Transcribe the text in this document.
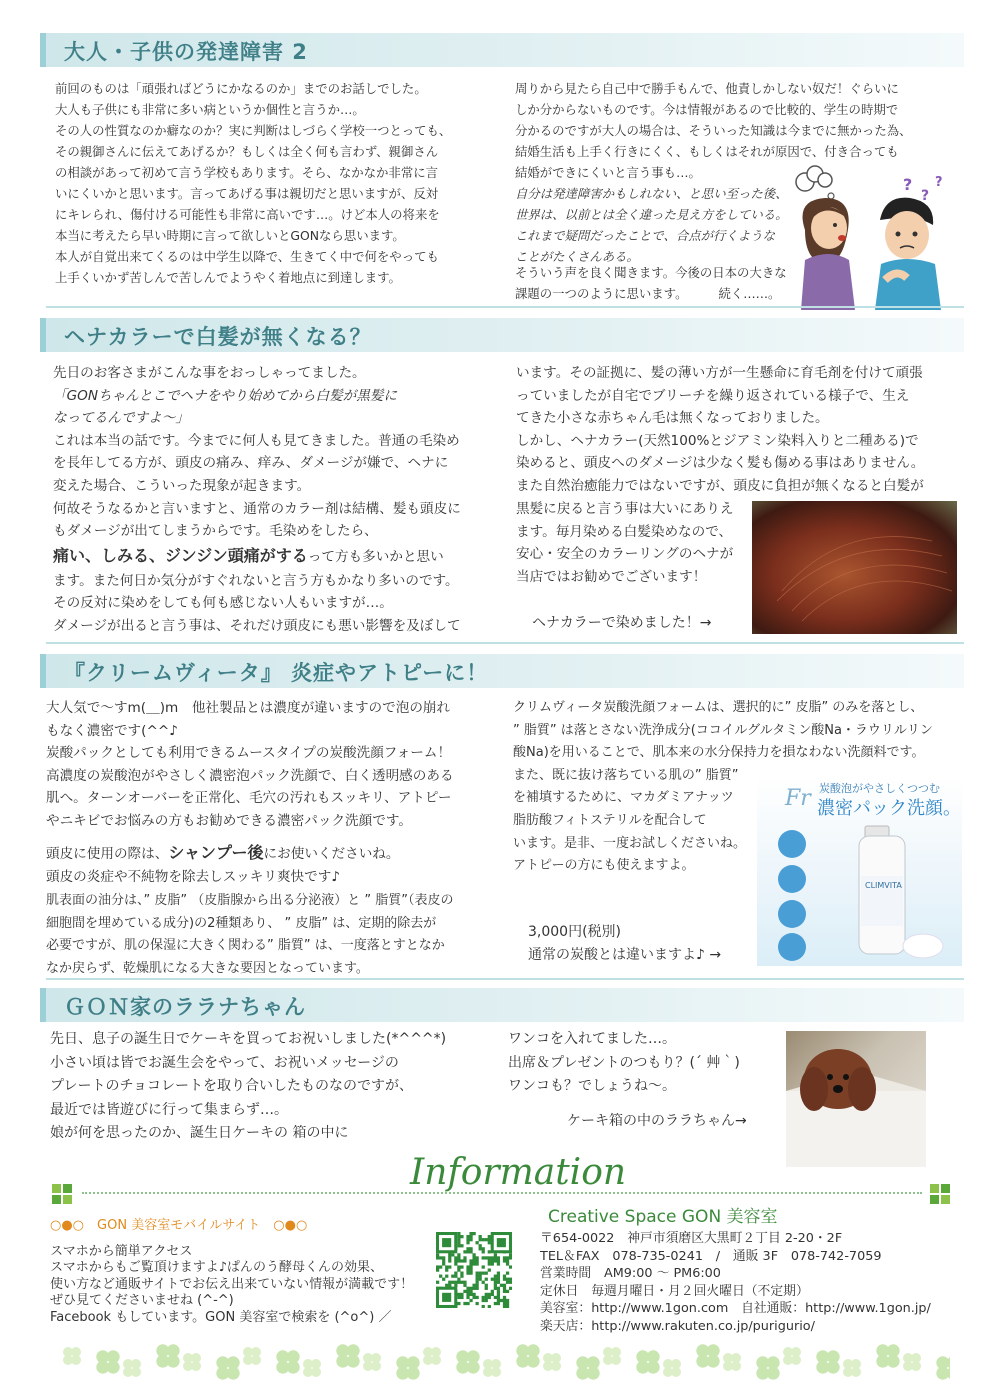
大人・子供の発達障害 2

前回のものは「頑張ればどうにかなるのか」までのお話しでした。

大人も子供にも非常に多い病というか個性と言うか…。

その人の性質なのか癖なのか？実に判断はしづらく学校一つとっても、

その親御さんに伝えてあげるか？もしくは全く何も言わず、親御さん

の相談があって初めて言う学校もあります。そら、なかなか非常に言

いにくいかと思います。言ってあげる事は親切だと思いますが、反対

にキレられ、傷付ける可能性も非常に高いです…。けど本人の将来を

本当に考えたら早い時期に言って欲しいとGONなら思います。

本人が自覚出来てくるのは中学生以降で、生きてく中で何をやっても

上手くいかず苦しんで苦しんでようやく着地点に到達します。

周りから見たら自己中で勝手もんで、他責しかしない奴だ！ぐらいに

しか分からないものです。今は情報があるので比較的、学生の時期で

分かるのですが大人の場合は、そういった知識は今までに無かった為、

結婚生活も上手く行きにくく、もしくはそれが原因で、付き合っても

結婚ができにくいと言う事も…。

自分は発達障害かもしれない、と思い至った後、

世界は、以前とは全く違った見え方をしている。

これまで疑問だったことで、合点が行くような

ことがたくさんある。

そういう声を良く聞きます。今後の日本の大きな

課題の一つのように思います。　　　続く……。

?
?
?
ヘナカラーで白髪が無くなる？

先日のお客さまがこんな事をおっしゃってました。

「GONちゃんとこでヘナをやり始めてから白髪が黒髪に

なってるんですよ〜」

これは本当の話です。今までに何人も見てきました。普通の毛染め

を長年してる方が、頭皮の痛み、痒み、ダメージが嫌で、ヘナに

変えた場合、こういった現象が起きます。

何故そうなるかと言いますと、通常のカラー剤は結構、髪も頭皮に

もダメージが出てしまうからです。毛染めをしたら、

痛い、しみる、ジンジン頭痛がするって方も多いかと思い

ます。また何日か気分がすぐれないと言う方もかなり多いのです。

その反対に染めをしても何も感じない人もいますが…。

ダメージが出ると言う事は、それだけ頭皮にも悪い影響を及ぼして

います。その証拠に、髪の薄い方が一生懸命に育毛剤を付けて頑張

っていましたが自宅でブリーチを繰り返されている様子で、生え

てきた小さな赤ちゃん毛は無くなっておりました。

しかし、ヘナカラー(天然100%とジアミン染料入りと二種ある)で

染めると、頭皮へのダメージは少なく髪も傷める事はありません。

また自然治癒能力ではないですが、頭皮に負担が無くなると白髪が

黒髪に戻ると言う事は大いにありえ

ます。毎月染める白髪染めなので、

安心・安全のカラーリングのヘナが

当店ではお勧めでございます！

ヘナカラーで染めました！→
『クリームヴィータ』 炎症やアトピーに！

大人気で〜すm(＿)m　他社製品とは濃度が違いますので泡の崩れ

もなく濃密です(^^♪

炭酸パックとしても利用できるムースタイプの炭酸洗顔フォーム！

高濃度の炭酸泡がやさしく濃密泡パック洗顔で、白く透明感のある

肌へ。ターンオーバーを正常化、毛穴の汚れもスッキリ、アトピー

やニキビでお悩みの方もお勧めできる濃密パック洗顔です。

頭皮に使用の際は、シャンプー後にお使いくださいね。

頭皮の炎症や不純物を除去しスッキリ爽快です♪

肌表面の油分は、” 皮脂” （皮脂腺から出る分泌液）と ” 脂質”（表皮の

細胞間を埋めている成分)の2種類あり、 ” 皮脂” は、定期的除去が

必要ですが、肌の保湿に大きく関わる” 脂質” は、一度落とすとなか

なか戻らず、乾燥肌になる大きな要因となっています。

クリムヴィータ炭酸洗顔フォームは、選択的に” 皮脂” のみを落とし、

” 脂質” は落とさない洗浄成分(ココイルグルタミン酸Na・ラウリルリン

酸Na)を用いることで、肌本来の水分保持力を損なわない洗顔料です。

また、既に抜け落ちている肌の” 脂質”

を補填するために、マカダミアナッツ

脂肪酸フィトステリルを配合して

います。是非、一度お試しくださいね。

アトピーの方にも使えますよ。

3,000円(税別)

通常の炭酸とは違いますよ♪ →

炭酸泡がやさしくつつむ
濃密パック洗顔。
Fr
CLIMVITA
ＧＯＮ家のララナちゃん

先日、息子の誕生日でケーキを買ってお祝いしました(*^^^*)

小さい頃は皆でお誕生会をやって、お祝いメッセージの

プレートのチョコレートを取り合いしたものなのですが、

最近では皆遊びに行って集まらず…。

娘が何を思ったのか、誕生日ケーキの 箱の中に

ワンコを入れてました…。

出席＆プレゼントのつもり？(´ 艸｀)

ワンコも？でしょうね〜。

ケーキ箱の中のララちゃん→
Information
○●○　GON 美容室モバイルサイト　○●○

スマホから簡単アクセス

スマホからもご覧頂けますよ♪ぱんのう酵母くんの効果、

使い方など通販サイトでお伝え出来ていない情報が満載です！

ぜひ見てくださいませね (^-^)

Facebook もしています。GON 美容室で検索を (^o^) ／

Creative Space GON 美容室

〒654-0022　神戸市須磨区大黒町２丁目 2-20・2F

TEL＆FAX　078-735-0241　/　通販 3F　078-742-7059

営業時間　AM9:00 〜 PM6:00

定休日　毎週月曜日・月２回火曜日（不定期）

美容室：http://www.1gon.com　自社通販：http://www.1gon.jp/

楽天店：http://www.rakuten.co.jp/purigurio/
